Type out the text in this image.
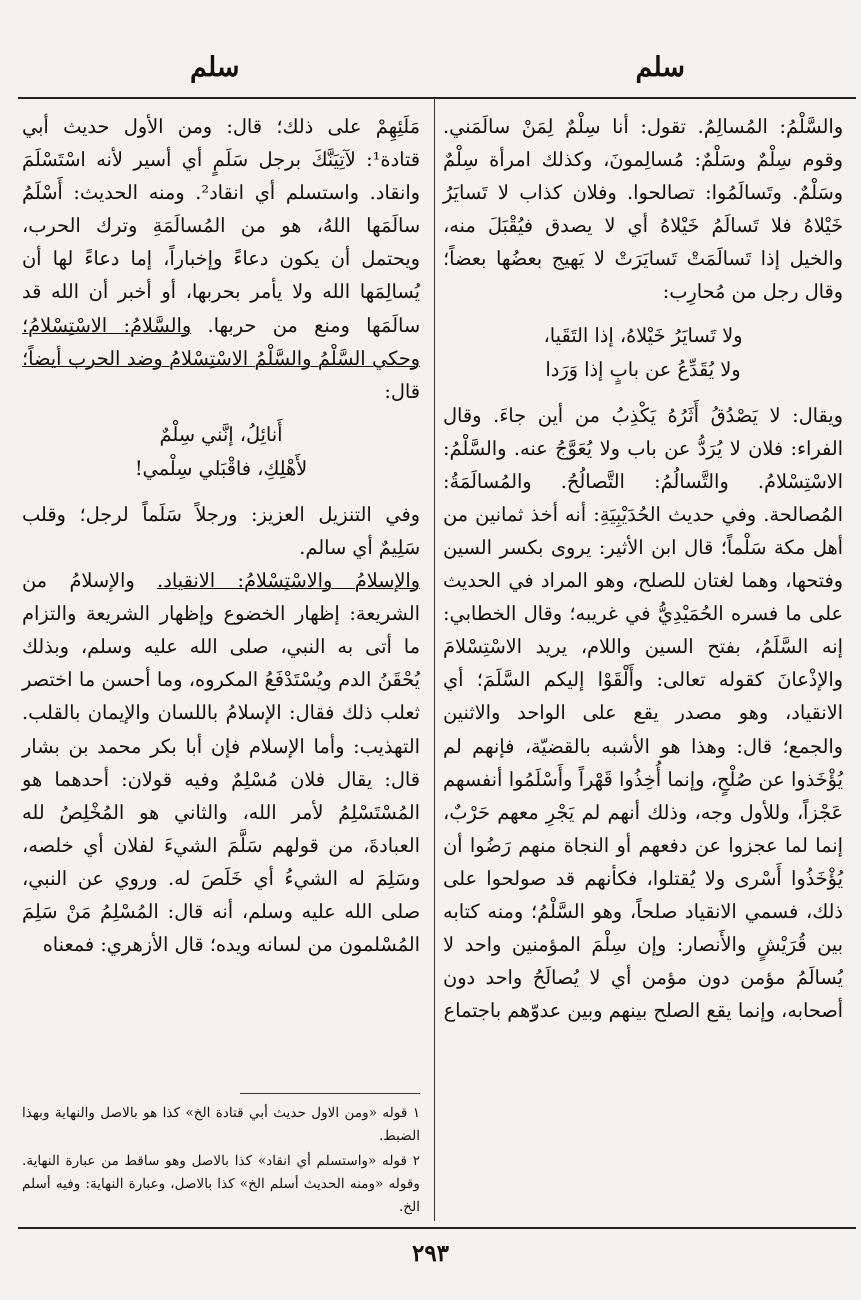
سلم
سلم

والسَّلْمُ: المُسالِمُ. تقول: أنا سِلْمٌ لِمَنْ سالَمَني. وقوم سِلْمٌ وسَلْمٌ: مُسالِمونَ، وكذلك امرأة سِلْمٌ وسَلْمٌ. وتَسالَمُوا: تصالحوا. وفلان كذاب لا تَسايَرُ خَيْلاهُ فلا تَسالَمُ خَيْلاهُ أي لا يصدق فيُقْبَلَ منه، والخيل إذا تَسالَمَتْ تَسايَرَتْ لا يَهيج بعضُها بعضاً؛ وقال رجل من مُحارِب:

ولا تَسايَرُ خَيْلاهُ، إذا التَقَيا،
ولا يُقَدِّعُ عن بابٍ إذا وَرَدا

ويقال: لا يَصْدُقُ أَثَرُهُ يَكْذِبُ من أين جاءَ. وقال الفراء: فلان لا يُرَدُّ عن باب ولا يُعَوَّجُ عنه. والسَّلْمُ: الاسْتِسْلامُ. والتَّسالُمُ: التَّصالُحُ. والمُسالَمَةُ: المُصالحة. وفي حديث الحُدَيْبِيَةِ: أنه أخذ ثمانين من أهل مكة سَلْماً؛ قال ابن الأثير: يروى بكسر السين وفتحها، وهما لغتان للصلح، وهو المراد في الحديث على ما فسره الحُمَيْدِيُّ في غريبه؛ وقال الخطابي: إنه السَّلَمُ، بفتح السين واللام، يريد الاسْتِسْلامَ والإذْعانَ كقوله تعالى: وأَلْقَوْا إليكم السَّلَمَ؛ أي الانقياد، وهو مصدر يقع على الواحد والاثنين والجمع؛ قال: وهذا هو الأشبه بالقضيّة، فإنهم لم يُؤْخَذوا عن صُلْحٍ، وإنما أُخِذُوا قَهْراً وأَسْلَمُوا أنفسهم عَجْزاً، وللأول وجه، وذلك أنهم لم يَجْرِ معهم حَرْبٌ، إنما لما عجزوا عن دفعهم أو النجاة منهم رَضُوا أن يُؤْخَذُوا أَسْرى ولا يُقتلوا، فكأنهم قد صولحوا على ذلك، فسمي الانقياد صلحاً، وهو السَّلْمُ؛ ومنه كتابه بين قُرَيْشٍ والأَنصار: وإن سِلْمَ المؤمنين واحد لا يُسالَمُ مؤمن دون مؤمن أي لا يُصالَحُ واحد دون أصحابه، وإنما يقع الصلح بينهم وبين عدوّهم باجتماع

مَلَئِهِمْ على ذلك؛ قال: ومن الأول حديث أبي قتادة¹: لآتِيَنَّكَ برجل سَلَمٍ أي أسير لأنه اسْتَسْلَمَ وانقاد. واستسلم أي انقاد². ومنه الحديث: أَسْلَمُ سالَمَها اللهُ، هو من المُسالَمَةِ وترك الحرب، ويحتمل أن يكون دعاءً وإخباراً، إما دعاءً لها أن يُسالِمَها الله ولا يأمر بحربها، أو أخبر أن الله قد سالَمَها ومنع من حربها. والسَّلامُ: الاسْتِسْلامُ؛ وحكي السَّلْمُ والسَّلْمُ الاسْتِسْلامُ وضد الحرب أيضاً؛ قال:

أَنائِلُ، إنَّني سِلْمٌ
لأَهْلِكِ، فاقْبَلي سِلْمي!

وفي التنزيل العزيز: ورجلاً سَلَماً لرجل؛ وقلب سَلِيمٌ أي سالم.

والإسلامُ والاسْتِسْلامُ: الانقياد. والإسلامُ من الشريعة: إظهار الخضوع وإظهار الشريعة والتزام ما أتى به النبي، صلى الله عليه وسلم، وبذلك يُحْقَنُ الدم ويُسْتَدْفَعُ المكروه، وما أحسن ما اختصر ثعلب ذلك فقال: الإسلامُ باللسان والإيمان بالقلب. التهذيب: وأما الإسلام فإن أبا بكر محمد بن بشار قال: يقال فلان مُسْلِمٌ وفيه قولان: أحدهما هو المُسْتَسْلِمُ لأمر الله، والثاني هو المُخْلِصُ لله العبادةَ، من قولهم سَلَّمَ الشيءَ لفلان أي خلصه، وسَلِمَ له الشيءُ أي خَلَصَ له. وروي عن النبي، صلى الله عليه وسلم، أنه قال: المُسْلِمُ مَنْ سَلِمَ المُسْلمون من لسانه ويده؛ قال الأزهري: فمعناه

١ قوله «ومن الاول حديث أبي قتادة الخ» كذا هو بالاصل والنهاية وبهذا الضبط.

٢ قوله «واستسلم أي انقاد» كذا بالاصل وهو ساقط من عبارة النهاية. وقوله «ومنه الحديث أسلم الخ» كذا بالاصل، وعبارة النهاية: وفيه أسلم الخ.

٢٩٣
